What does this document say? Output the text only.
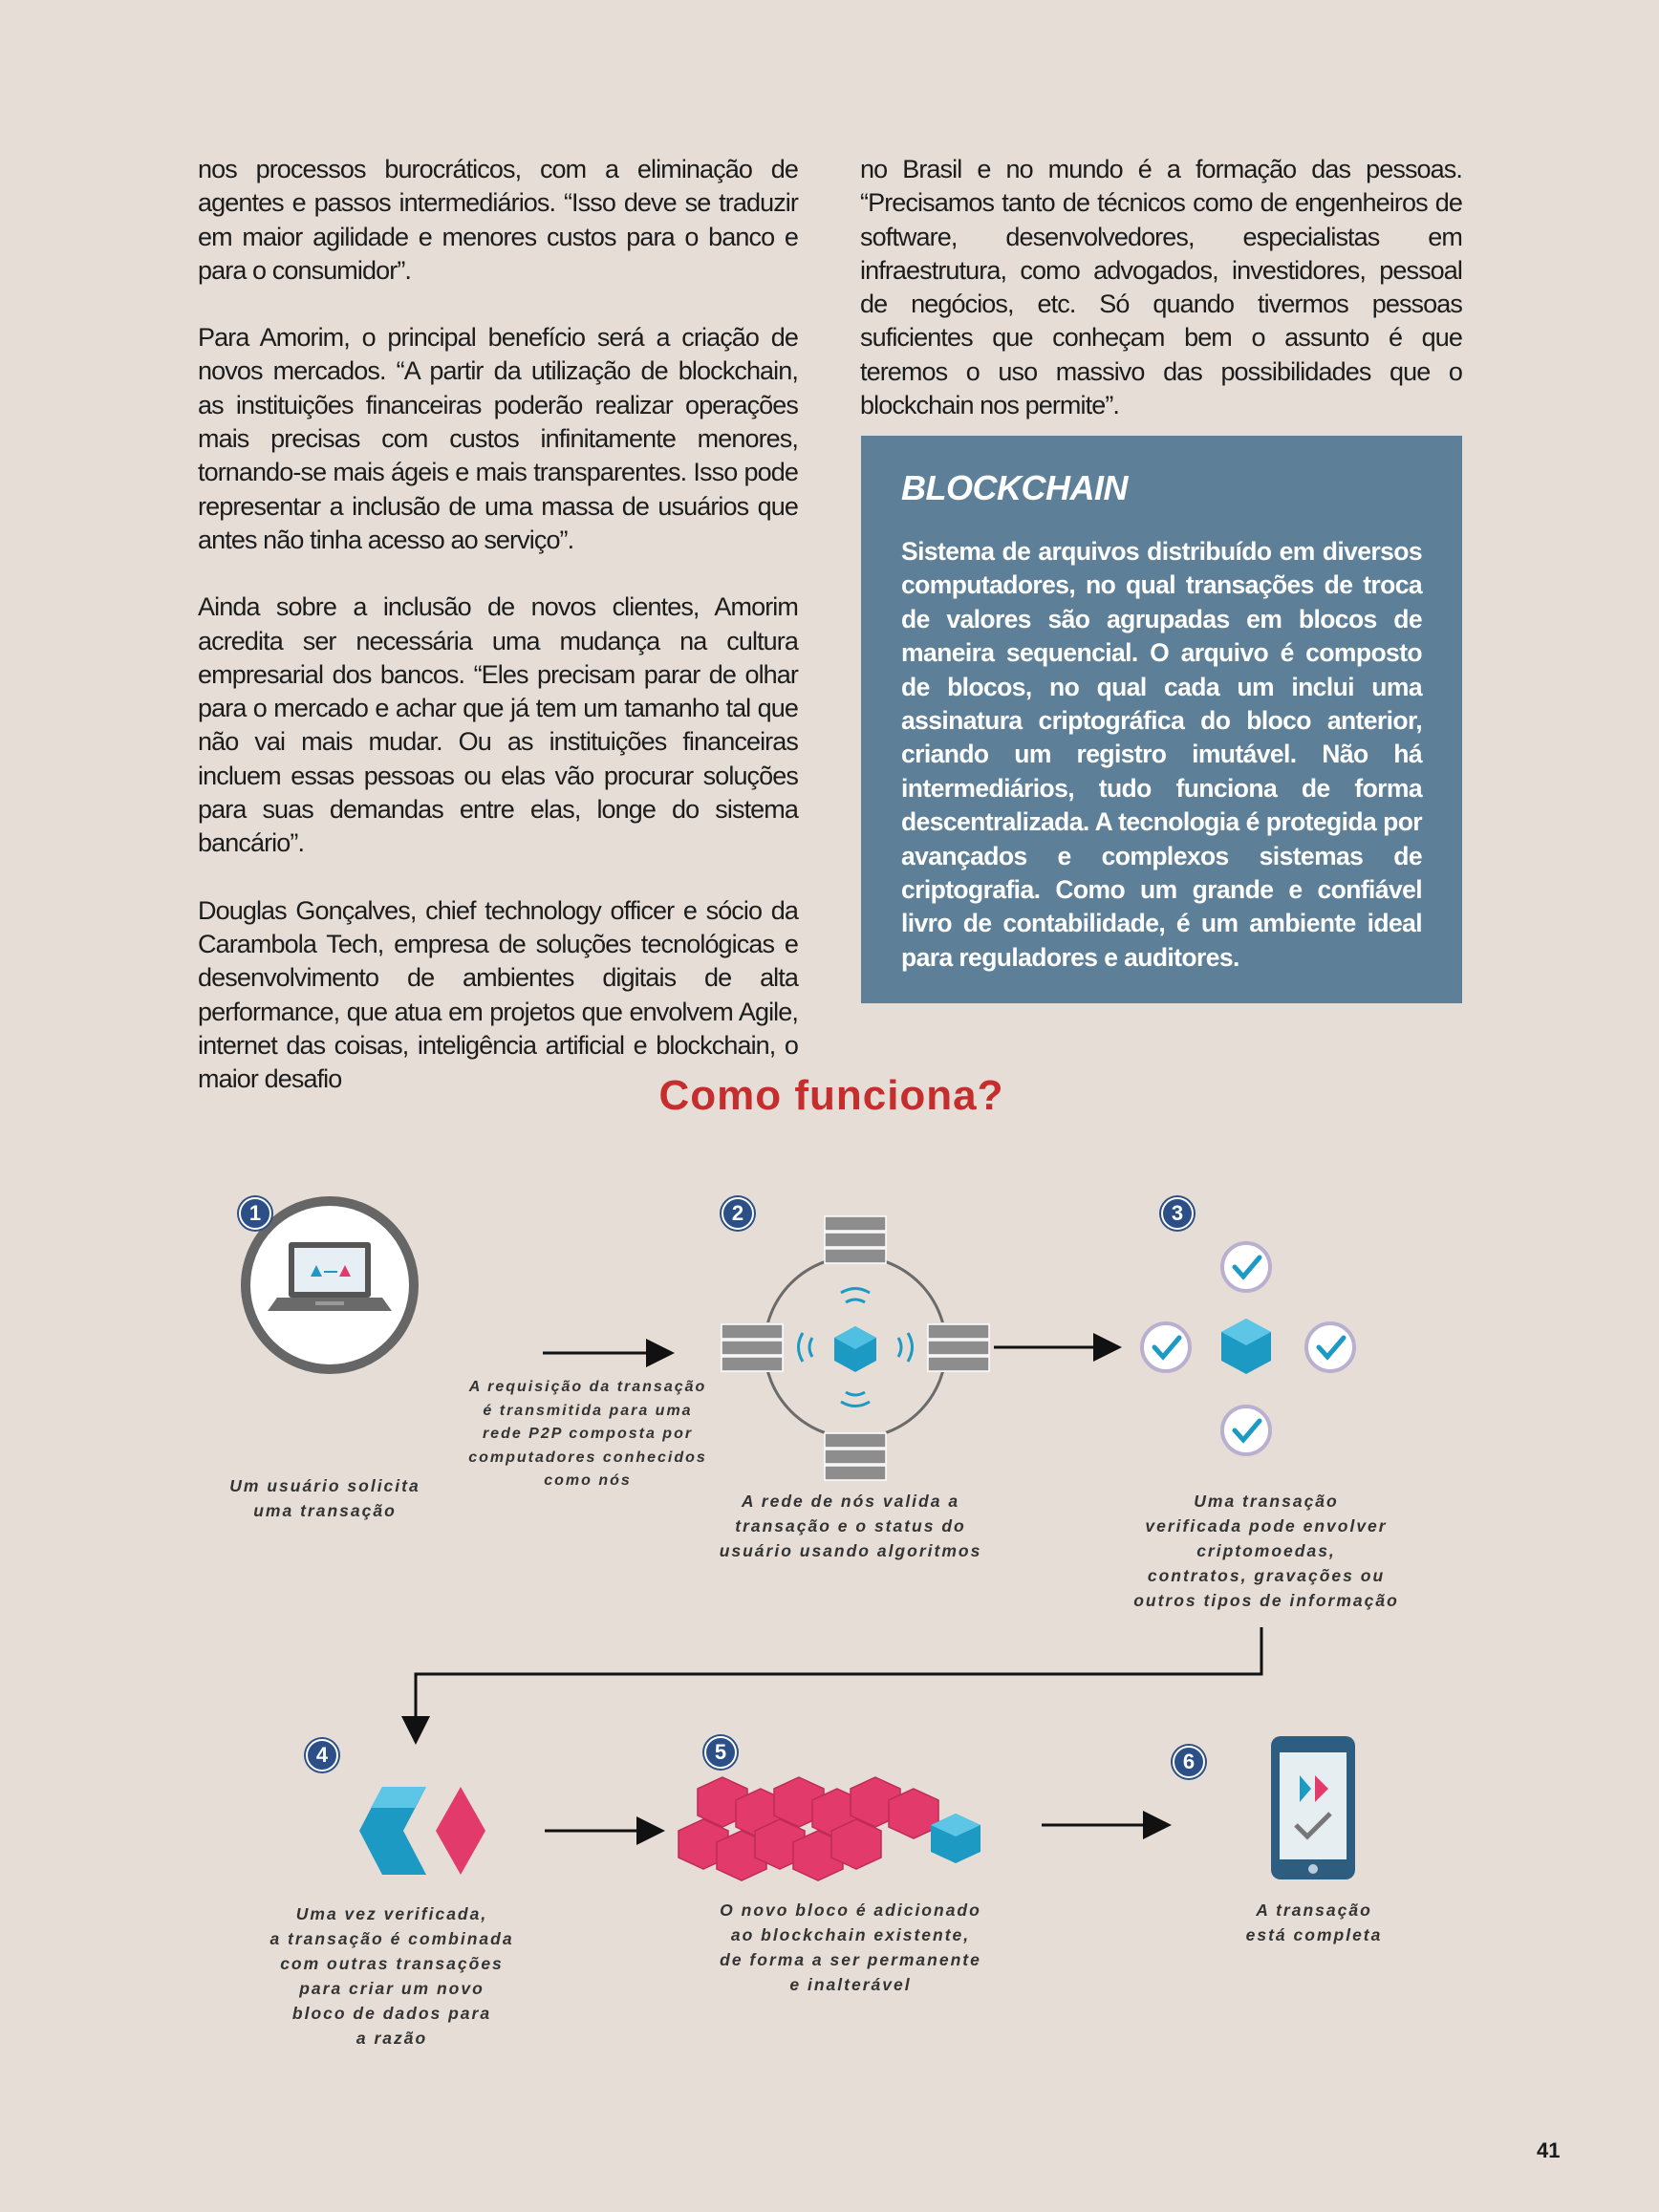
nos processos burocráticos, com a eliminação de agentes e passos intermediários. “Isso deve se traduzir em maior agilidade e menores custos para o banco e para o consumidor”.

Para Amorim, o principal benefício será a criação de novos mercados. “A partir da utilização de blockchain, as instituições financeiras poderão realizar operações mais precisas com custos infinitamente menores, tornando-se mais ágeis e mais transparentes. Isso pode representar a inclusão de uma massa de usuários que antes não tinha acesso ao serviço”.

Ainda sobre a inclusão de novos clientes, Amorim acredita ser necessária uma mudança na cultura empresarial dos bancos. “Eles precisam parar de olhar para o mercado e achar que já tem um tamanho tal que não vai mais mudar. Ou as instituições financeiras incluem essas pessoas ou elas vão procurar soluções para suas demandas entre elas, longe do sistema bancário”.

Douglas Gonçalves, chief technology officer e sócio da Carambola Tech, empresa de soluções tecnológicas e desenvolvimento de ambientes digitais de alta performance, que atua em projetos que envolvem Agile, internet das coisas, inteligência artificial e blockchain, o maior desafio

no Brasil e no mundo é a formação das pessoas. “Precisamos tanto de técnicos como de engenheiros de software, desenvolvedores, especialistas em infraestrutura, como advogados, investidores, pessoal de negócios, etc. Só quando tivermos pessoas suficientes que conheçam bem o assunto é que teremos o uso massivo das possibilidades que o blockchain nos permite”.

BLOCKCHAIN

Sistema de arquivos distribuído em diversos computadores, no qual transações de troca de valores são agrupadas em blocos de maneira sequencial. O arquivo é composto de blocos, no qual cada um inclui uma assinatura criptográfica do bloco anterior, criando um registro imutável. Não há intermediários, tudo funciona de forma descentralizada. A tecnologia é protegida por avançados e complexos sistemas de criptografia. Como um grande e confiável livro de contabilidade, é um ambiente ideal para reguladores e auditores.

Como funciona?
1	2	3
4	5	6
Um usuário solicita
uma transação
A requisição da transação
é transmitida para uma
rede P2P composta por
computadores conhecidos
como nós
A rede de nós valida a
transação e o status do
usuário usando algoritmos
Uma transação
verificada pode envolver
criptomoedas,
contratos, gravações ou
outros tipos de informação
Uma vez verificada,
a transação é combinada
com outras transações
para criar um novo
bloco de dados para
a razão
O novo bloco é adicionado
ao blockchain existente,
de forma a ser permanente
e inalterável
A transação
está completa
41
